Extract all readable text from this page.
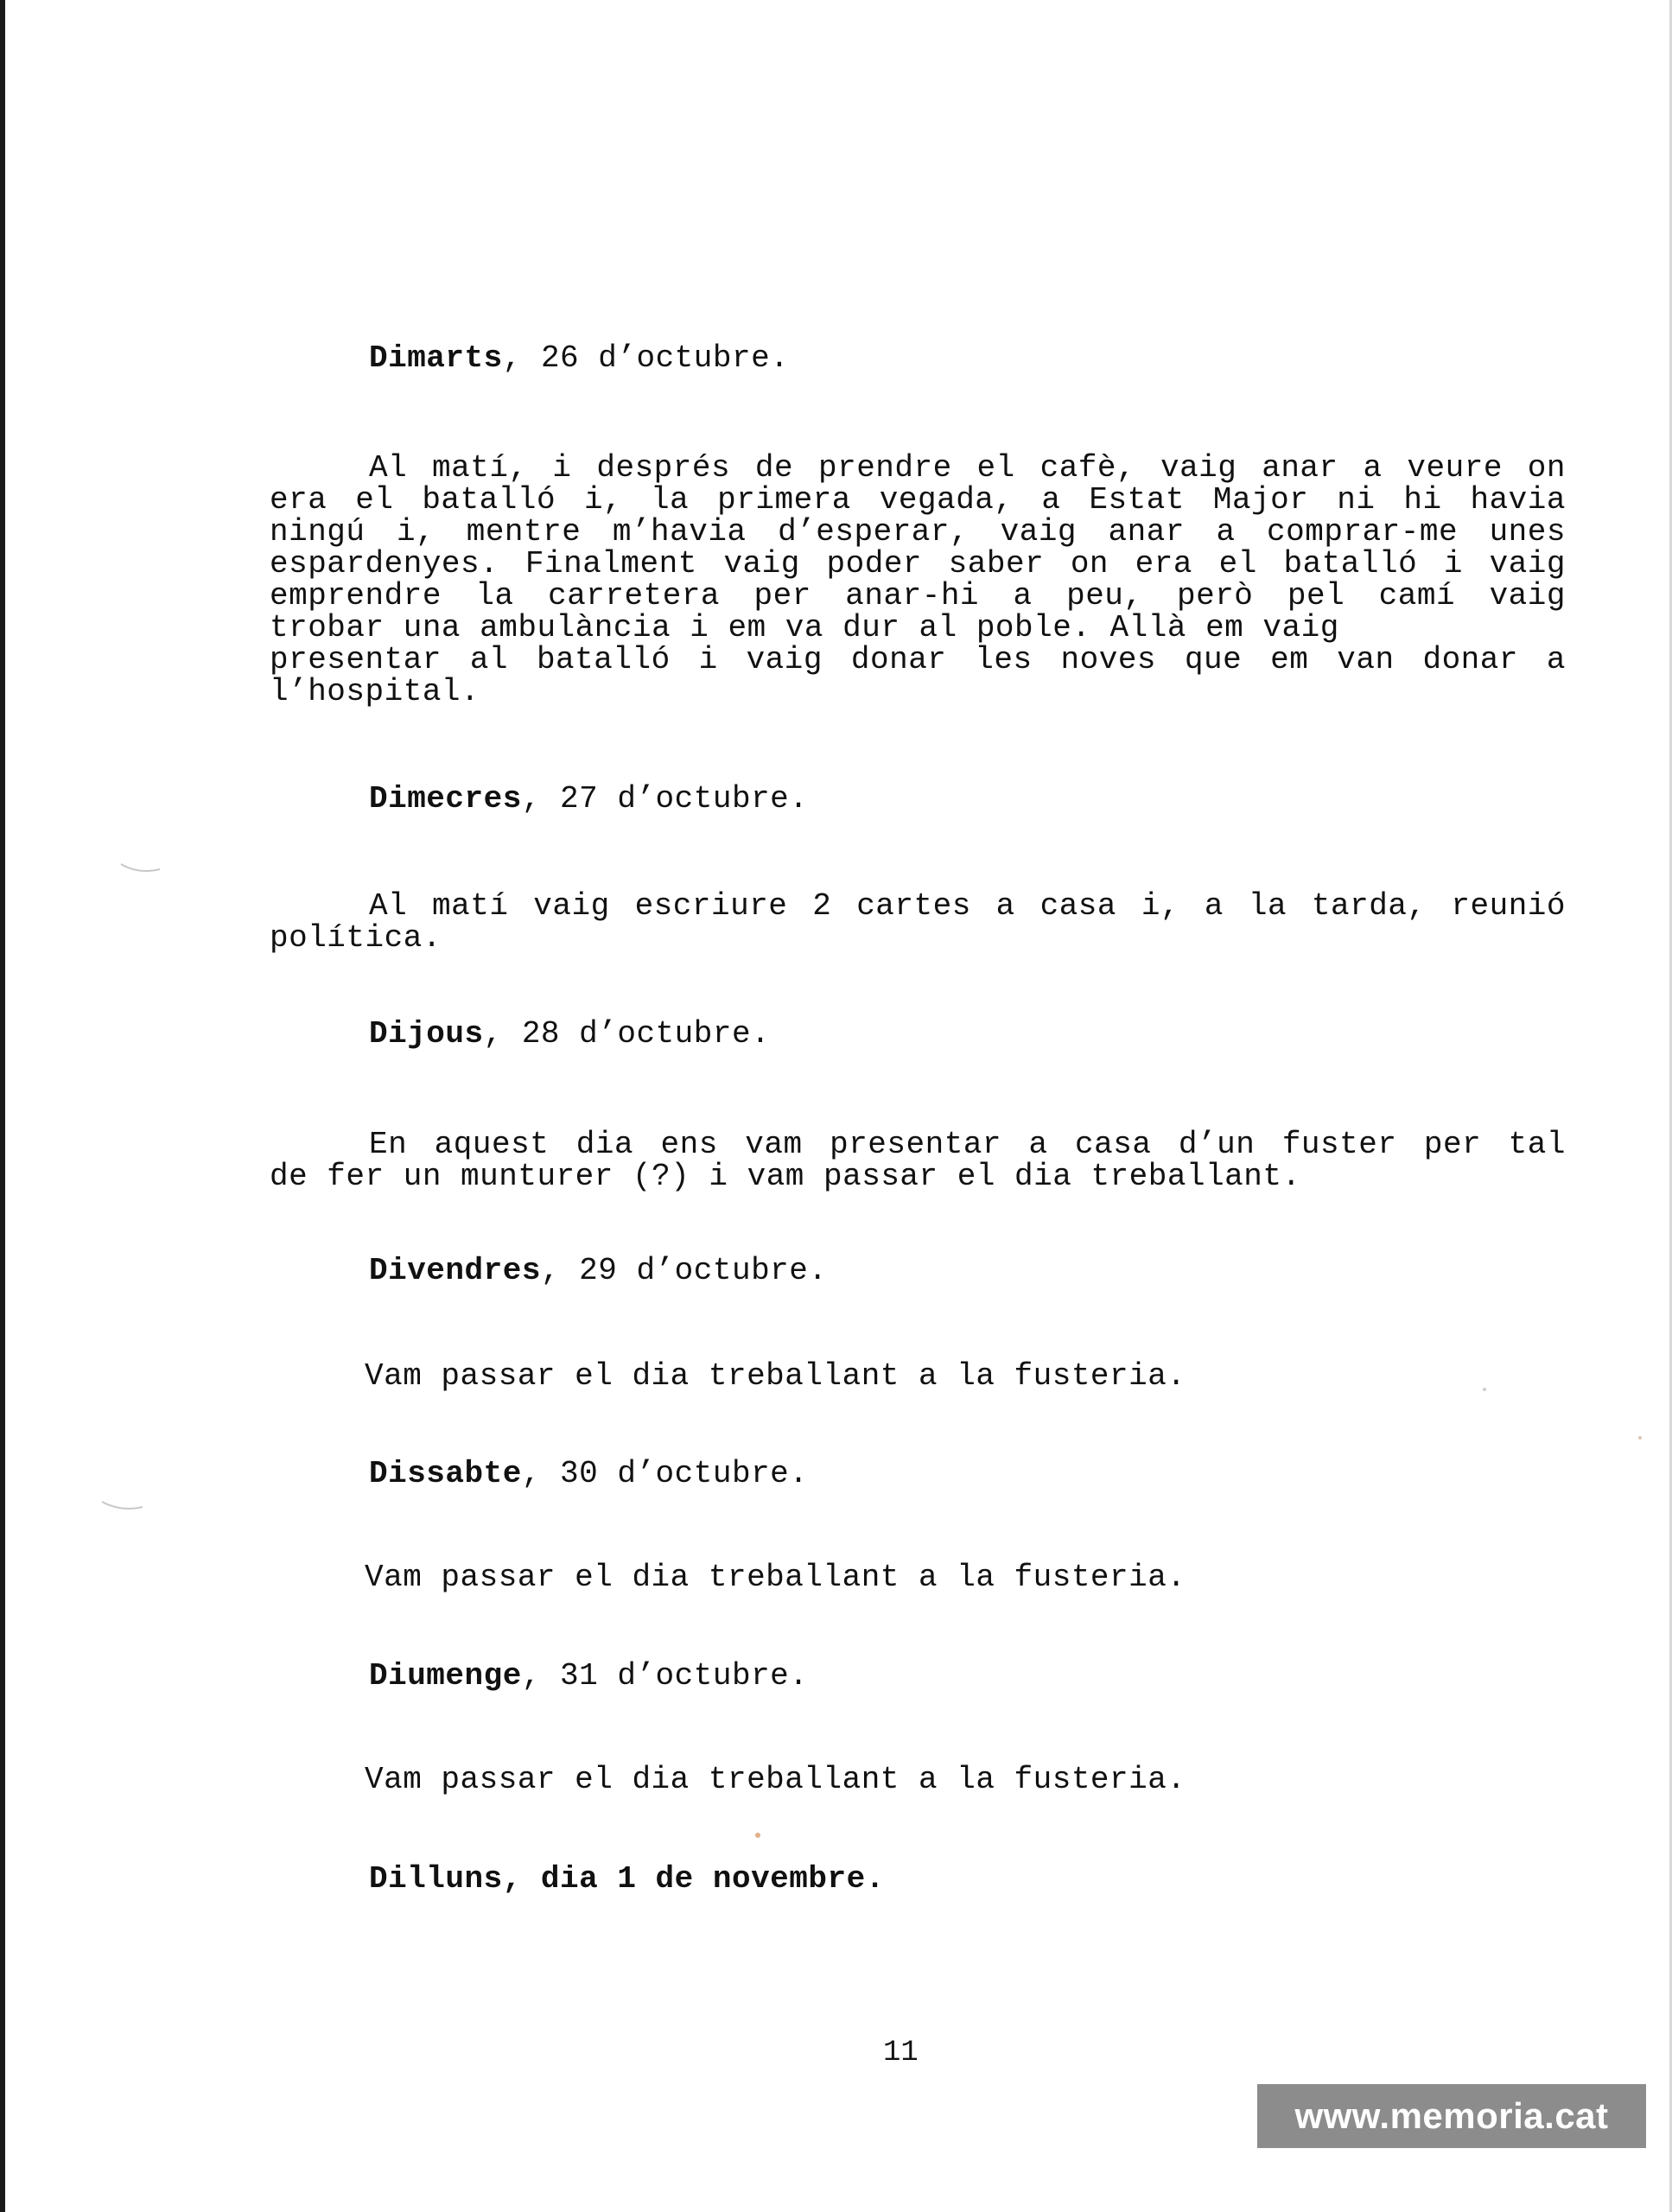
Dimarts, 26 d’octubre.
Al matí, i després de prendre el cafè, vaig anar a veure on
era el batalló i, la primera vegada, a Estat Major ni hi havia
ningú i, mentre m’havia d’esperar, vaig anar a comprar-me unes
espardenyes. Finalment vaig poder saber on era el batalló i vaig
emprendre la carretera per anar-hi a peu, però pel camí vaig
trobar una ambulància i em va dur al poble. Allà em vaig
presentar al batalló i vaig donar les noves que em van donar a
l’hospital.
Dimecres, 27 d’octubre.
Al matí vaig escriure 2 cartes a casa i, a la tarda, reunió
política.
Dijous, 28 d’octubre.
En aquest dia ens vam presentar a casa d’un fuster per tal
de fer un munturer (?) i vam passar el dia treballant.
Divendres, 29 d’octubre.
Vam passar el dia treballant a la fusteria.
Dissabte, 30 d’octubre.
Vam passar el dia treballant a la fusteria.
Diumenge, 31 d’octubre.
Vam passar el dia treballant a la fusteria.
Dilluns, dia 1 de novembre.
11
www.memoria.cat
